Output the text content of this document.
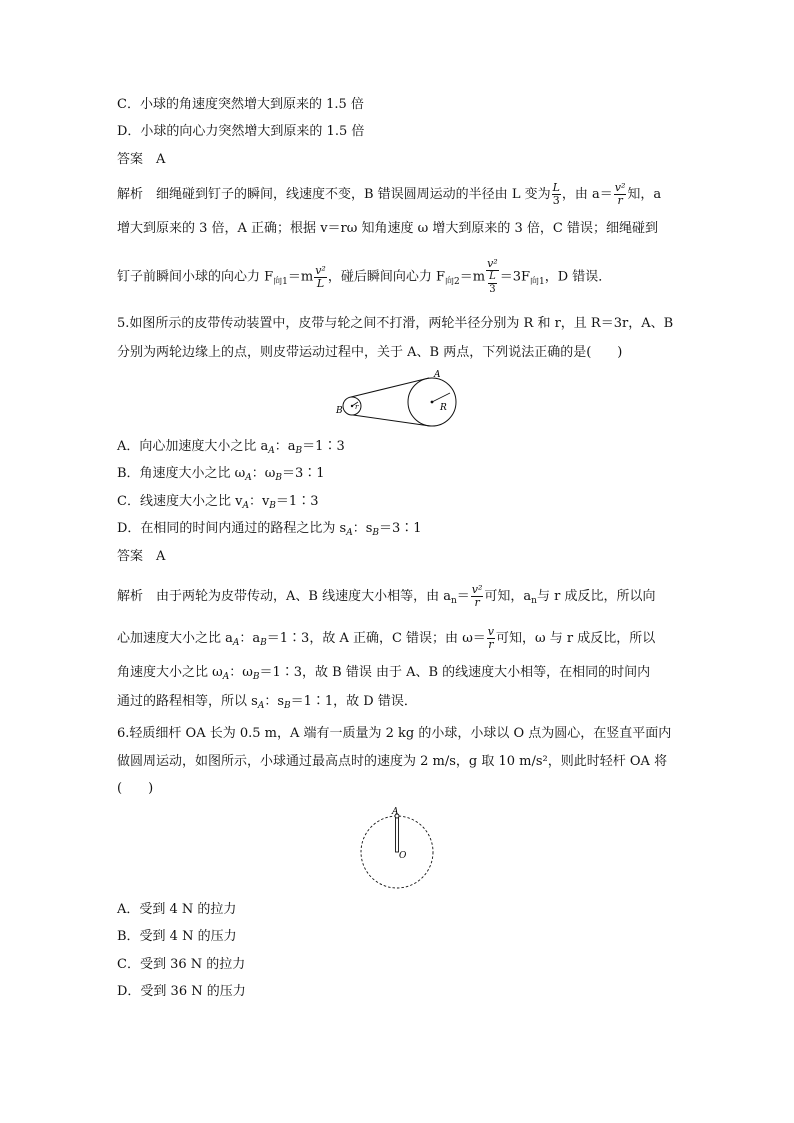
C．小球的角速度突然增大到原来的 1.5 倍
D．小球的向心力突然增大到原来的 1.5 倍
答案　A
解析　细绳碰到钉子的瞬间，线速度不变，B 错误圆周运动的半径由 L 变为 $\frac{L}{3}$ ，由 $a= \frac{\text{v²}}{r}$ 知，a
增大到原来的 3 倍，A 正确；根据 v＝rω 知角速度 ω 增大到原来的 3 倍，C 错误；细绳碰到
钉子前瞬间小球的向心力 $F_{向1}=m \frac{\text{v²}}{L}$ ，碰后瞬间向心力 $F_{向2}=m \frac{\text{v²}}{\frac{L}{3}} =3F_{向1}$，D 错误．
5.如图所示的皮带传动装置中，皮带与轮之间不打滑，两轮半径分别为 R 和 r，且 R＝3r，A、B
分别为两轮边缘上的点，则皮带运动过程中，关于 A、B 两点，下列说法正确的是(　　)
A
B	R
r
A．向心加速度大小之比 $a_A$：$a_B=1∶3$
B．角速度大小之比 $\omega_A$：$\omega_B=3∶1$
C．线速度大小之比 $v_A$：$v_B=1∶3$
D．在相同的时间内通过的路程之比为 $s_A$：$s_B=3∶1$
答案　A
解析　由于两轮为皮带传动，A、B 线速度大小相等，由 $a_n= \frac{\text{v²}}{r}$ 可知，$a_n$与 r 成反比，所以向
心加速度大小之比 $a_A$：$a_B=1∶3$，故 A 正确，C 错误；由 $\omega= \frac{v}{r}$ 可知，ω 与 r 成反比，所以
角速度大小之比 $\omega_A$：$\omega_B=1∶3$，故 B 错误 由于 A、B 的线速度大小相等，在相同的时间内
通过的路程相等，所以 $s_A$：$s_B=1∶1$，故 D 错误．
6.轻质细杆 OA 长为 0.5 m，A 端有一质量为 2 kg 的小球，小球以 O 点为圆心，在竖直平面内
做圆周运动，如图所示，小球通过最高点时的速度为 2 m/s，g 取 10 m/s²，则此时轻杆 OA 将
(　　)
A
O
A．受到 4 N 的拉力
B．受到 4 N 的压力
C．受到 36 N 的拉力
D．受到 36 N 的压力
